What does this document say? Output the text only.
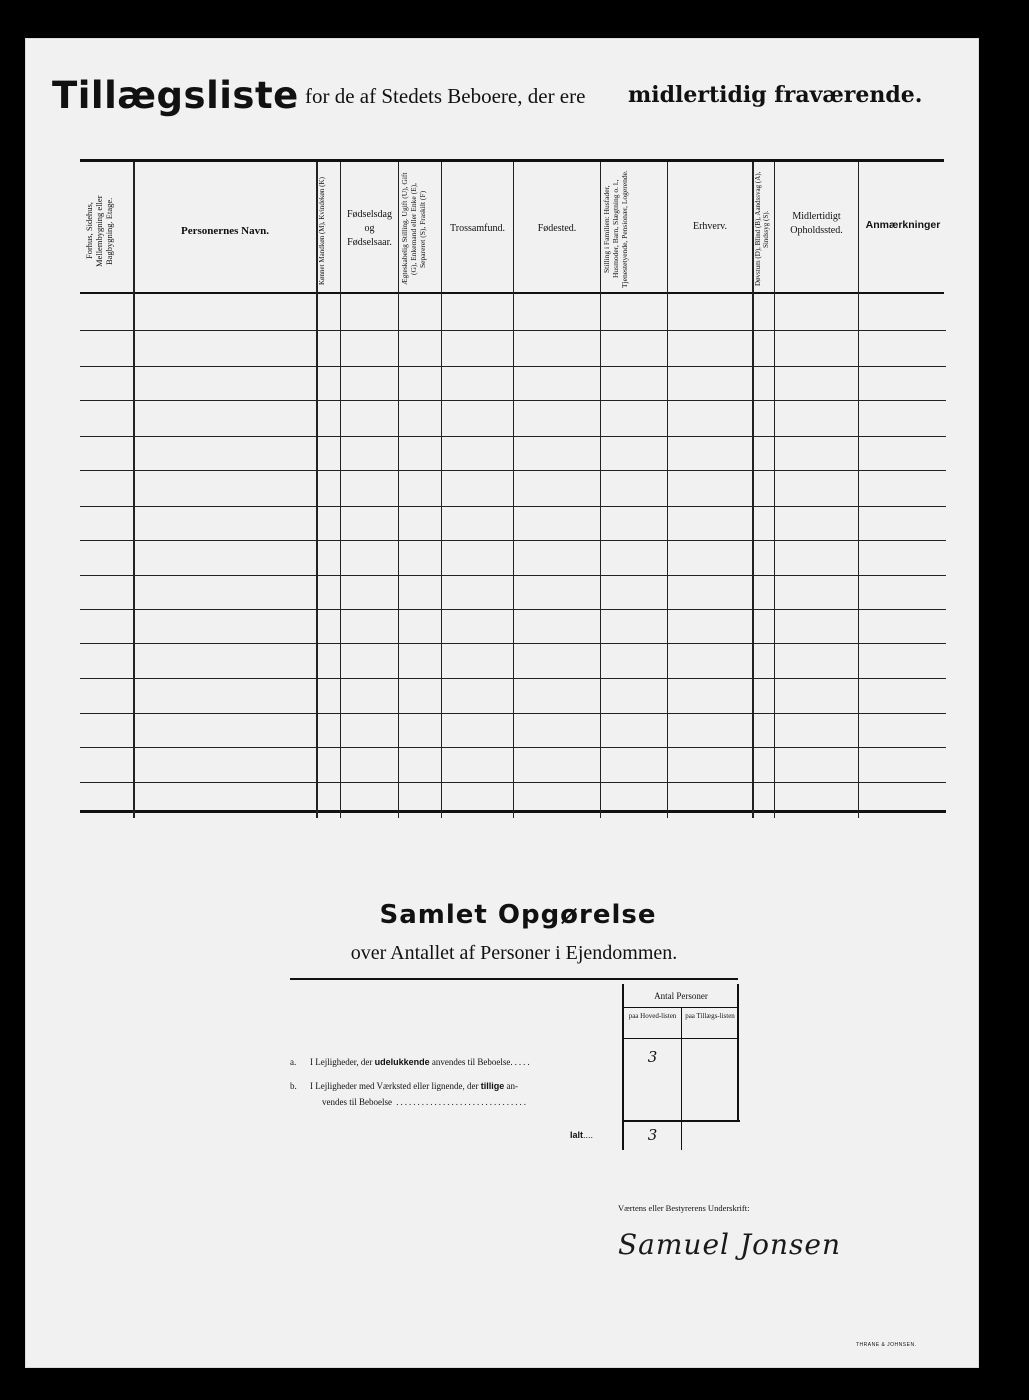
Tillægsliste for de af Stedets Beboere, der ere midlertidig fraværende.
Forhus, Sidehus, Mellembygning eller Bagbygning. Etage.	Personernes Navn.	Kønnet Mandkøn (M), Kvindekøn (K)	Fødselsdag
og
Fødselsaar.	Ægteskabelig Stilling. Ugift (U), Gift (G), Enkemand eller Enke (E), Separeret (S), Fraskilt (F)	Trossamfund.	Fødested.	Stilling i Familien: Husfader, Husmoder, Barn, Slægtning o. l., Tjenestetyende, Pensionær, Logerende.	Erhverv.	Døvstum (D), Blind (B), Aandssvag (A), Sindssyg (S).	Midlertidigt
Opholdssted.	Anmærkninger
Samlet Opgørelse
over Antallet af Personer i Ejendommen.
Antal Personer
paa Hoved-listen	paa Tillægs-listen
a. I Lejligheder, der udelukkende anvendes til Beboelse.....	3
b. I Lejligheder med Værksted eller lignende, der tillige an-
vendes til Beboelse ...............................
Ialt....	3
Værtens eller Bestyrerens Underskrift:
Samuel Jonsen
THRANE & JOHNSEN.
